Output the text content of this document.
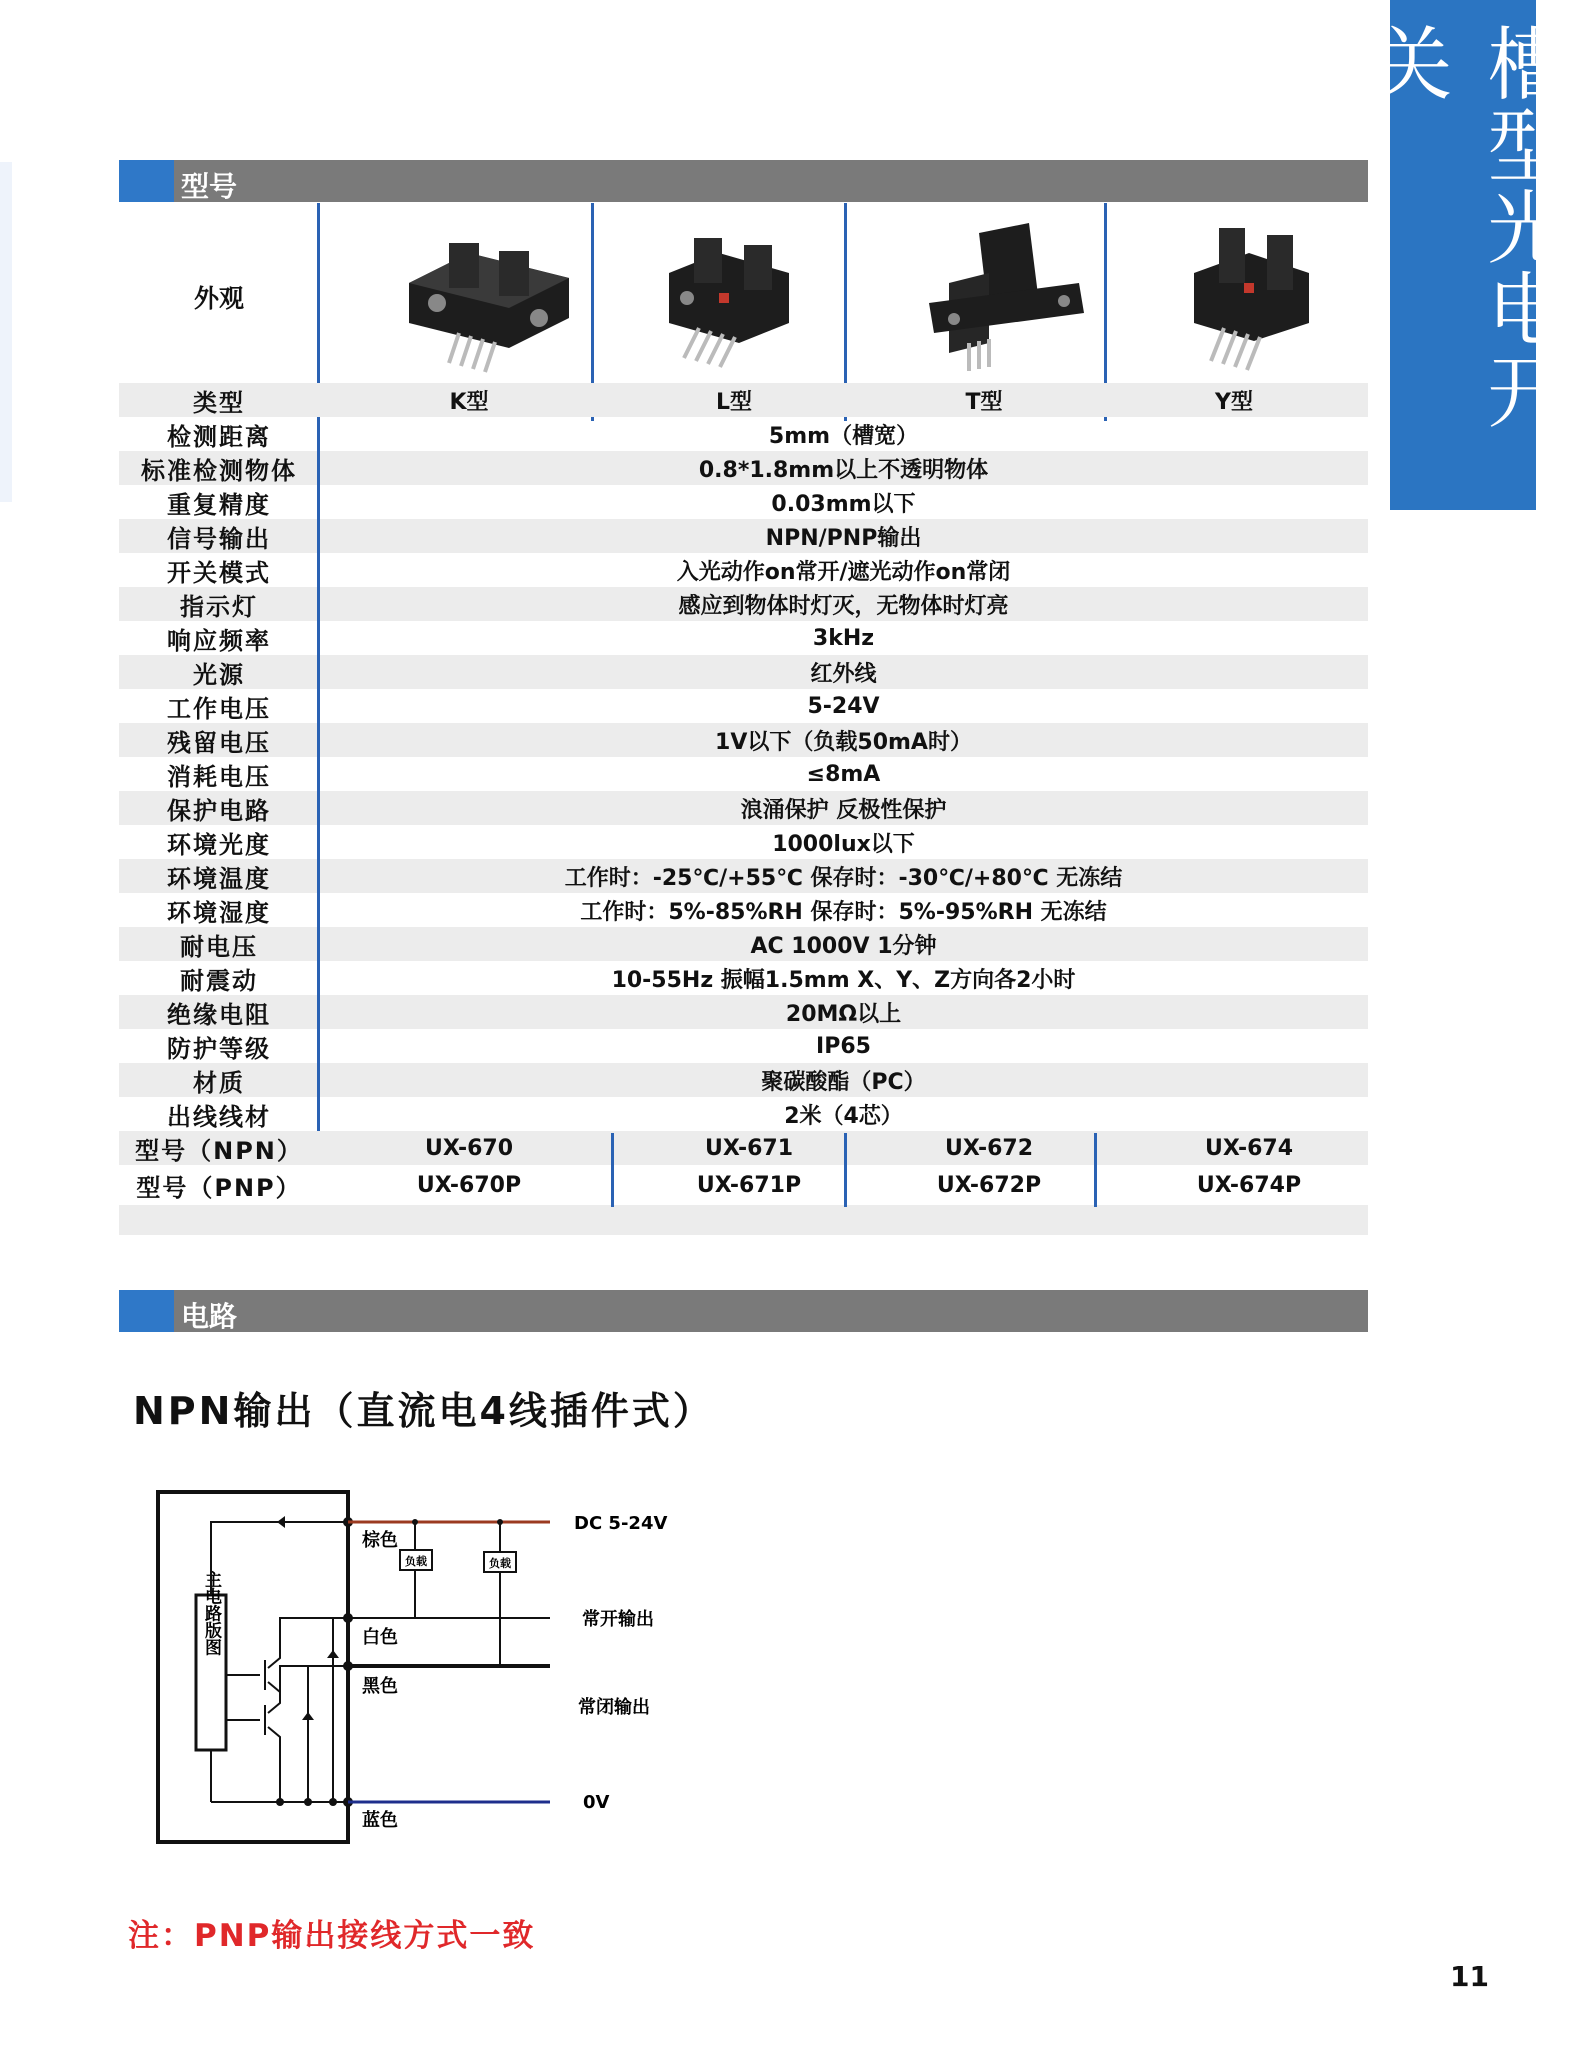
槽型光电开关
型号
外观
类型	K型	L型	T型	Y型
检测距离	5mm（槽宽）
标准检测物体	0.8*1.8mm以上不透明物体
重复精度	0.03mm以下
信号输出	NPN/PNP输出
开关模式	入光动作on常开/遮光动作on常闭
指示灯	感应到物体时灯灭，无物体时灯亮
响应频率	3kHz
光源	红外线
工作电压	5-24V
残留电压	1V以下（负载50mA时）
消耗电压	≤8mA
保护电路	浪涌保护 反极性保护
环境光度	1000lux以下
环境温度	工作时：-25℃/+55℃ 保存时：-30℃/+80℃ 无冻结
环境湿度	工作时：5%-85%RH 保存时：5%-95%RH 无冻结
耐电压	AC 1000V 1分钟
耐震动	10-55Hz 振幅1.5mm X、Y、Z方向各2小时
绝缘电阻	20MΩ以上
防护等级	IP65
材质	聚碳酸酯（PC）
出线线材	2米（4芯）
型号（NPN）	UX-670	UX-671	UX-672	UX-674
型号（PNP）	UX-670P	UX-671P	UX-672P	UX-674P
电路
NPN输出（直流电4线插件式）
主电路版图
负载	负载
棕色
白色
黑色
蓝色
DC 5-24V
常开输出
常闭输出
0V
注：PNP输出接线方式一致
11
